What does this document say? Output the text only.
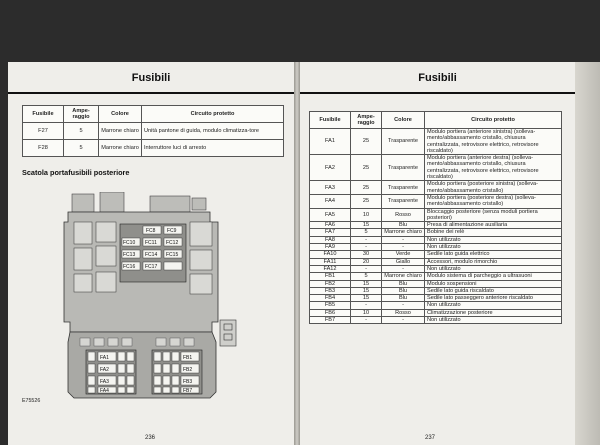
Fusibili
Fusibile	Ampe-raggio	Colore	Circuito protetto
F27	5	Marrone chiaro	Unità pantone di guida, modulo climatizza-tore
F28	5	Marrone chiaro	Interruttore luci di arresto
Scatola portafusibili posteriore
FC8 FC9
FC10 FC11 FC12
FC13 FC14 FC15
FC16 FC17
FA1
FA2
FA3
FA4
FB1
FB2
FB3
FB7
E75526
236
Fusibili
Fusibile	Ampe-raggio	Colore	Circuito protetto
FA1	25	Trasparente	Modulo portiera (anteriore sinistra) (solleva-mento/abbassamento cristallo, chiusura centralizzata, retrovisore elettrico, retrovisore riscaldato)
FA2	25	Trasparente	Modulo portiera (anteriore destra) (solleva-mento/abbassamento cristallo, chiusura centralizzata, retrovisore elettrico, retrovisore riscaldato)
FA3	25	Trasparente	Modulo portiera (posteriore sinistra) (solleva-mento/abbassamento cristallo)
FA4	25	Trasparente	Modulo portiera (posteriore destra) (solleva-mento/abbassamento cristallo)
FA5	10	Rosso	Bloccaggio posteriore (senza moduli portiera posteriori)
FA6	15	Blu	Presa di alimentazione ausiliaria
FA7	5	Marrone chiaro	Bobine dei relè
FA8	-	-	Non utilizzato
FA9	-	-	Non utilizzato
FA10	30	Verde	Sedile lato guida elettrico
FA11	20	Giallo	Accessori, modulo rimorchio
FA12	-	-	Non utilizzato
FB1	5	Marrone chiaro	Modulo sistema di parcheggio a ultrasuoni
FB2	15	Blu	Modulo sospensioni
FB3	15	Blu	Sedile lato guida riscaldato
FB4	15	Blu	Sedile lato passeggero anteriore riscaldato
FB5	-	-	Non utilizzato
FB6	10	Rosso	Climatizzazione posteriore
FB7	-	-	Non utilizzato
237
